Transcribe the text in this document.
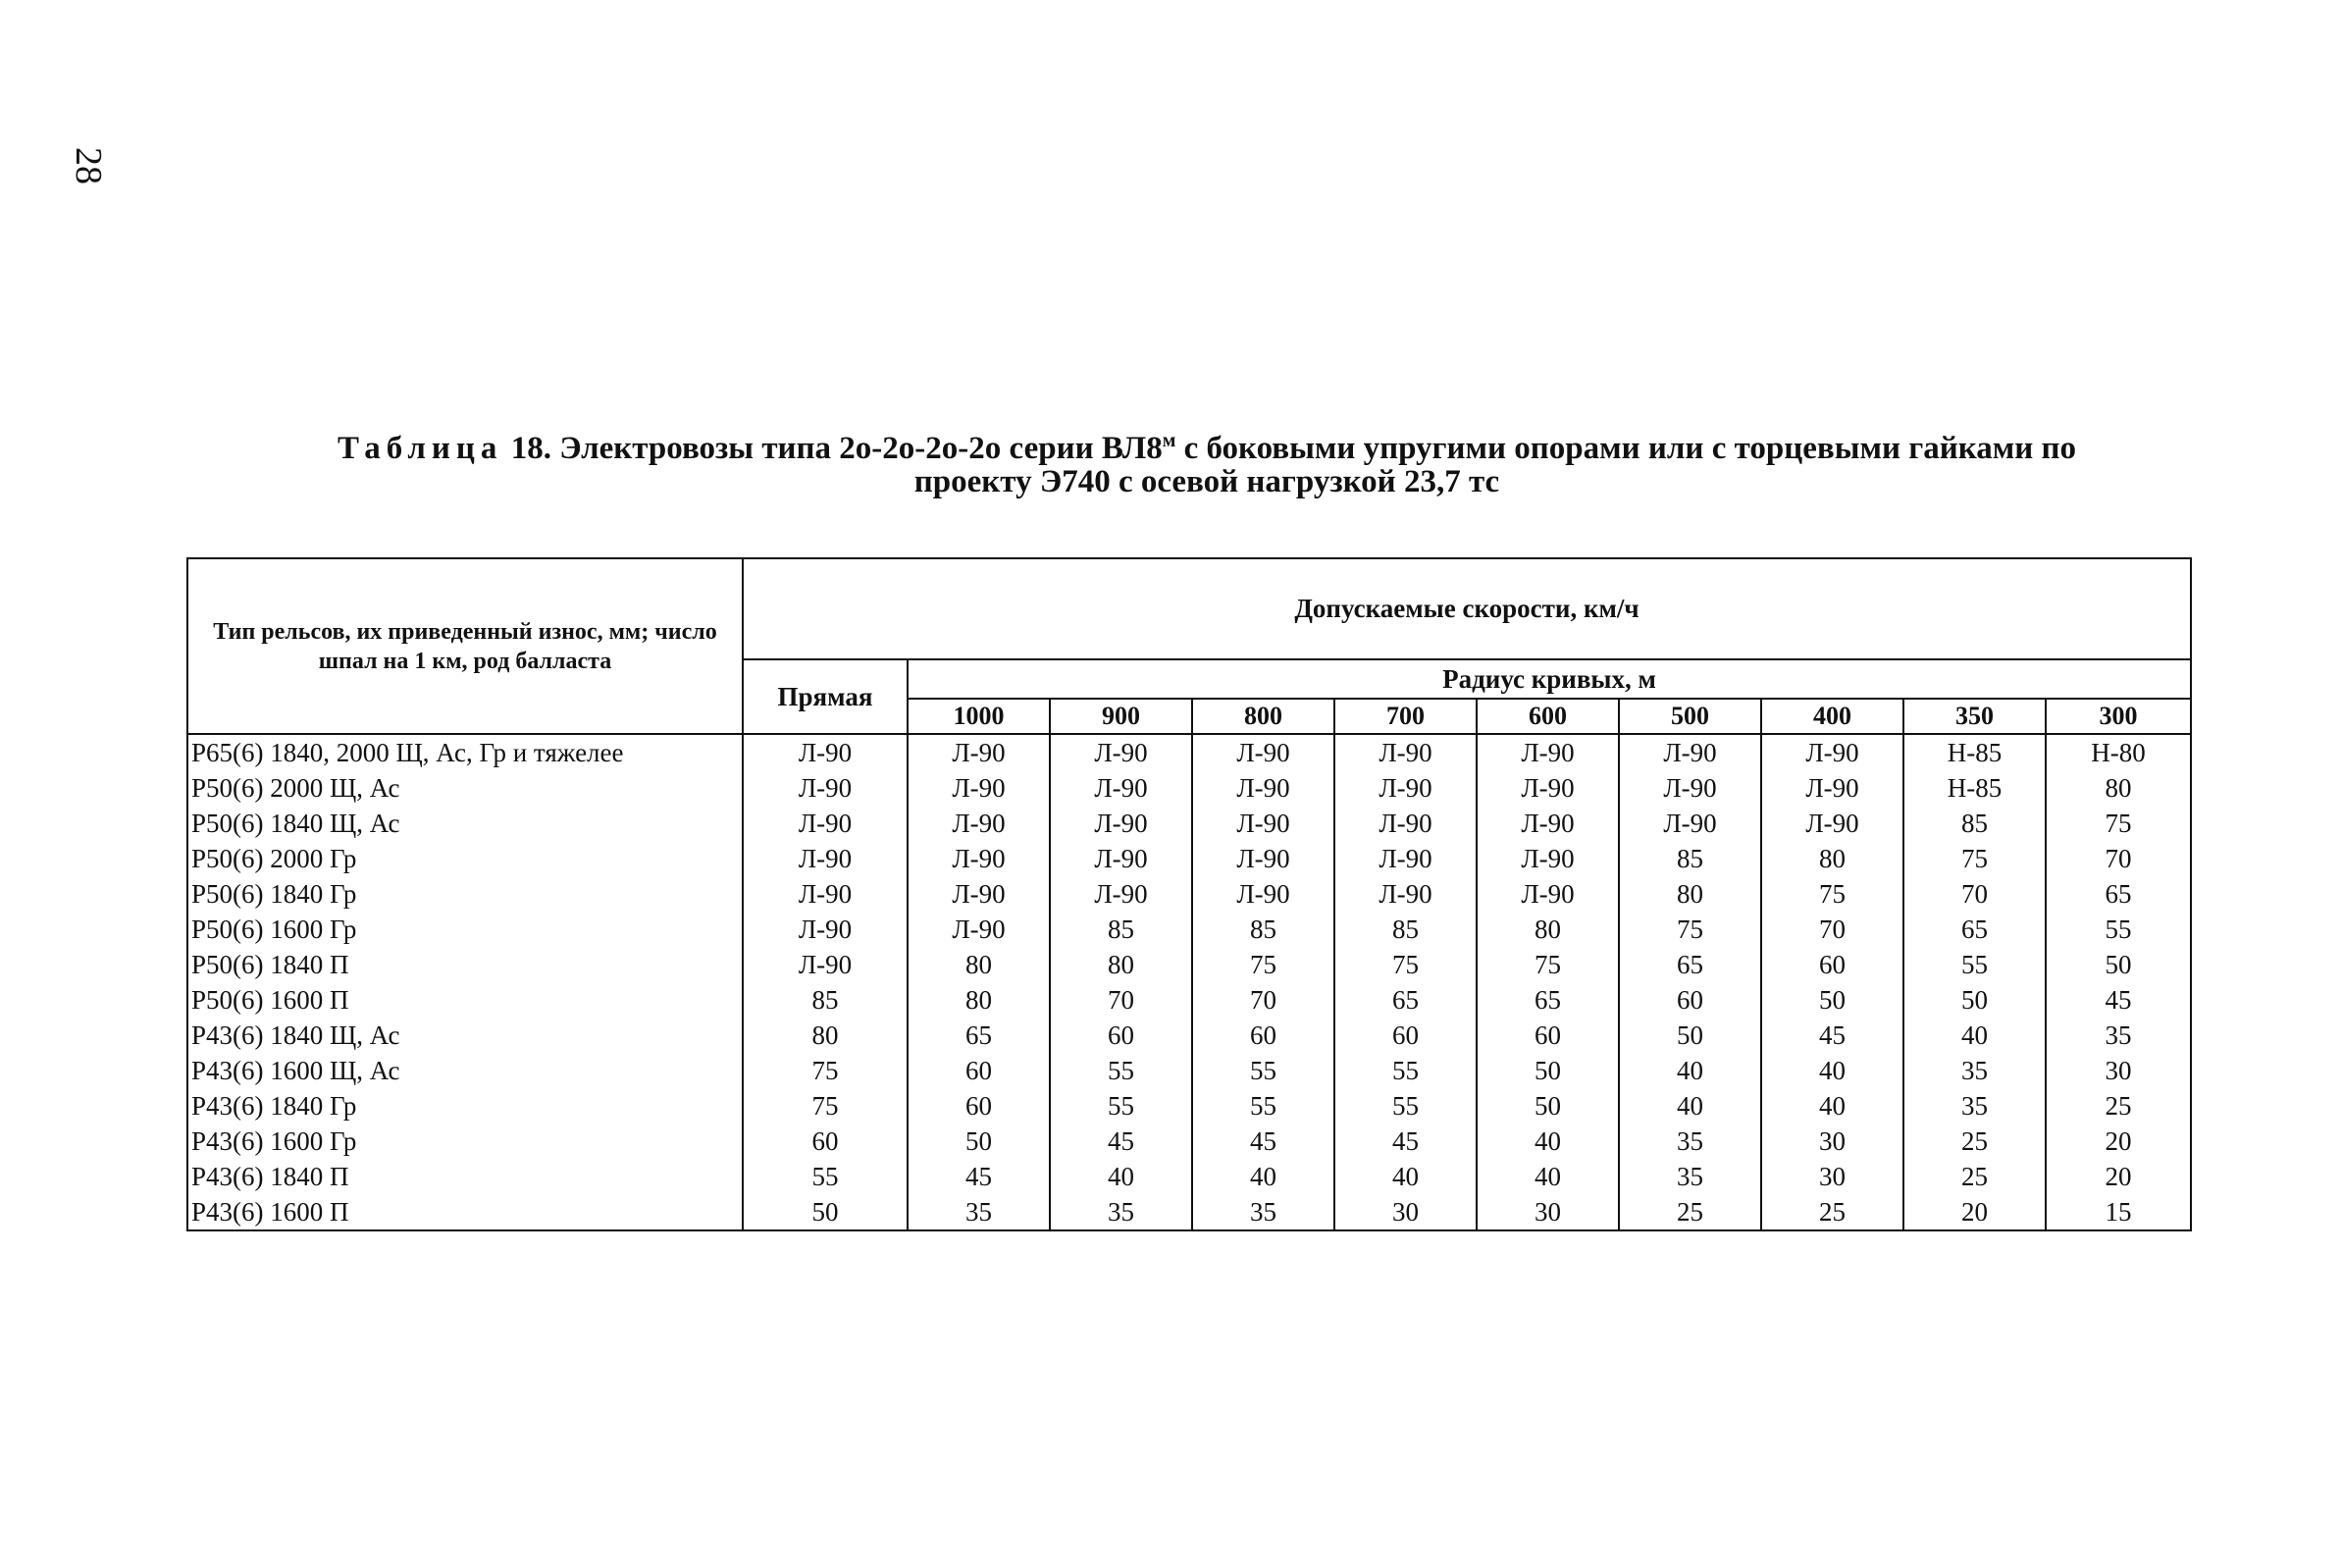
28
Таблица 18. Электровозы типа 2о-2о-2о-2о серии $ВЛ8^м$ с боковыми упругими опорами или с торцевыми гайками по
проекту Э740 с осевой нагрузкой 23,7 тс
Тип рельсов, их приведенный износ, мм; число шпал на 1 км, род балласта	Допускаемые скорости, км/ч									
	Прямая	Радиус кривых, м								
		1000	900	800	700	600	500	400	350	300
Р65(6) 1840, 2000 Щ, Ас, Гр и тяжелее	Л-90	Л-90	Л-90	Л-90	Л-90	Л-90	Л-90	Л-90	Н-85	Н-80
Р50(6) 2000 Щ, Ас	Л-90	Л-90	Л-90	Л-90	Л-90	Л-90	Л-90	Л-90	Н-85	80
Р50(6) 1840 Щ, Ас	Л-90	Л-90	Л-90	Л-90	Л-90	Л-90	Л-90	Л-90	85	75
Р50(6) 2000 Гр	Л-90	Л-90	Л-90	Л-90	Л-90	Л-90	85	80	75	70
Р50(6) 1840 Гр	Л-90	Л-90	Л-90	Л-90	Л-90	Л-90	80	75	70	65
Р50(6) 1600 Гр	Л-90	Л-90	85	85	85	80	75	70	65	55
Р50(6) 1840 П	Л-90	80	80	75	75	75	65	60	55	50
Р50(6) 1600 П	85	80	70	70	65	65	60	50	50	45
Р43(6) 1840 Щ, Ас	80	65	60	60	60	60	50	45	40	35
Р43(6) 1600 Щ, Ас	75	60	55	55	55	50	40	40	35	30
Р43(6) 1840 Гр	75	60	55	55	55	50	40	40	35	25
Р43(6) 1600 Гр	60	50	45	45	45	40	35	30	25	20
Р43(6) 1840 П	55	45	40	40	40	40	35	30	25	20
Р43(6) 1600 П	50	35	35	35	30	30	25	25	20	15
